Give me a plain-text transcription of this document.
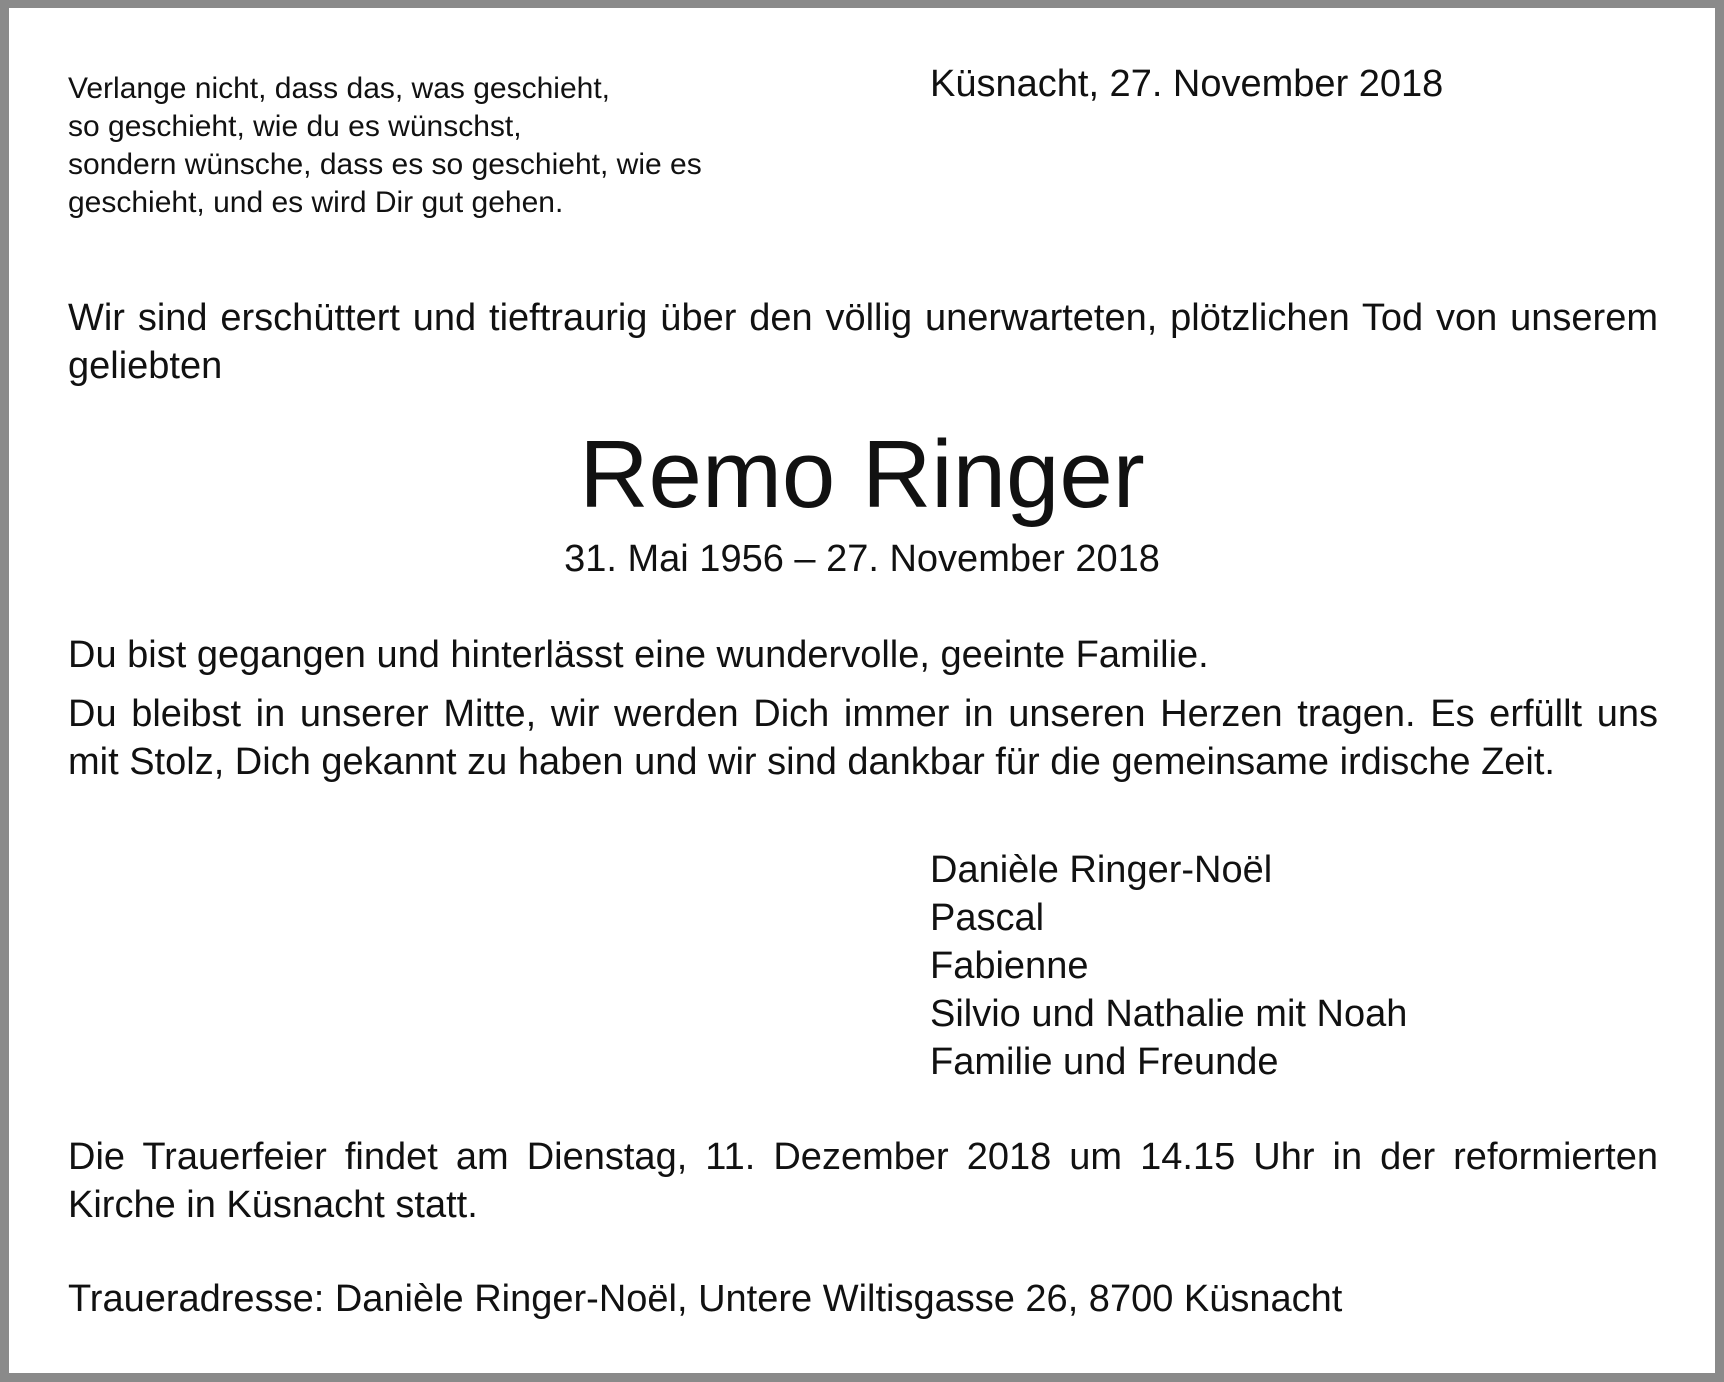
Verlange nicht, dass das, was geschieht,
so geschieht, wie du es wünschst,
sondern wünsche, dass es so geschieht, wie es
geschieht, und es wird Dir gut gehen.
Küsnacht, 27. November 2018
Wir sind erschüttert und tieftraurig über den völlig unerwarteten, plötzlichen Tod von unserem geliebten
Remo Ringer
31. Mai 1956 – 27. November 2018
Du bist gegangen und hinterlässt eine wundervolle, geeinte Familie.
Du bleibst in unserer Mitte, wir werden Dich immer in unseren Herzen tragen. Es erfüllt uns mit Stolz, Dich gekannt zu haben und wir sind dankbar für die gemeinsame irdische Zeit.
Danièle Ringer-Noël
Pascal
Fabienne
Silvio und Nathalie mit Noah
Familie und Freunde
Die Trauerfeier findet am Dienstag, 11. Dezember 2018 um 14.15 Uhr in der reformierten Kirche in Küsnacht statt.
Traueradresse: Danièle Ringer-Noël, Untere Wiltisgasse 26, 8700 Küsnacht
